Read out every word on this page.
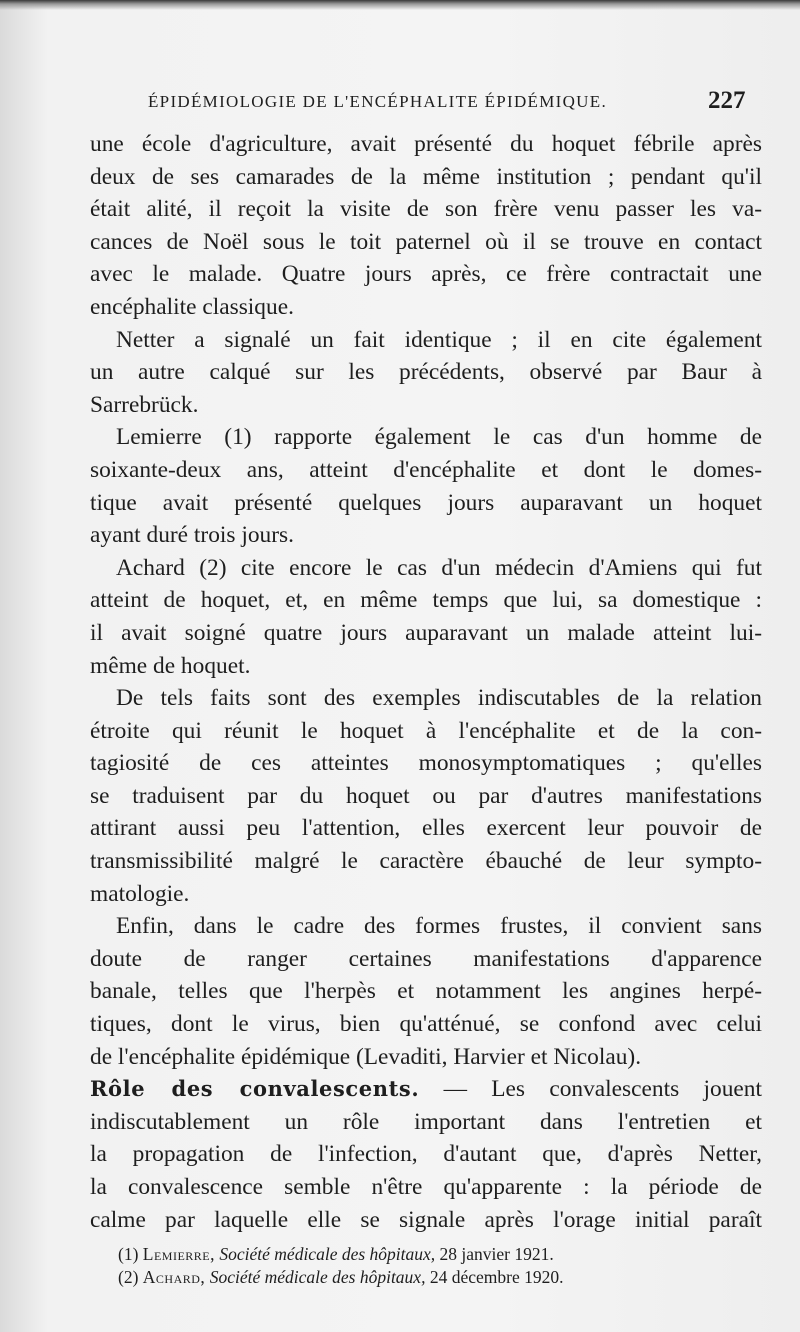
ÉPIDÉMIOLOGIE DE L'ENCÉPHALITE ÉPIDÉMIQUE.	227
une école d'agriculture, avait présenté du hoquet fébrile après
deux de ses camarades de la même institution ; pendant qu'il
était alité, il reçoit la visite de son frère venu passer les va-
cances de Noël sous le toit paternel où il se trouve en contact
avec le malade. Quatre jours après, ce frère contractait une
encéphalite classique.
Netter a signalé un fait identique ; il en cite également
un autre calqué sur les précédents, observé par Baur à
Sarrebrück.
Lemierre (1) rapporte également le cas d'un homme de
soixante-deux ans, atteint d'encéphalite et dont le domes-
tique avait présenté quelques jours auparavant un hoquet
ayant duré trois jours.
Achard (2) cite encore le cas d'un médecin d'Amiens qui fut
atteint de hoquet, et, en même temps que lui, sa domestique :
il avait soigné quatre jours auparavant un malade atteint lui-
même de hoquet.
De tels faits sont des exemples indiscutables de la relation
étroite qui réunit le hoquet à l'encéphalite et de la con-
tagiosité de ces atteintes monosymptomatiques ; qu'elles
se traduisent par du hoquet ou par d'autres manifestations
attirant aussi peu l'attention, elles exercent leur pouvoir de
transmissibilité malgré le caractère ébauché de leur sympto-
matologie.
Enfin, dans le cadre des formes frustes, il convient sans
doute de ranger certaines manifestations d'apparence
banale, telles que l'herpès et notamment les angines herpé-
tiques, dont le virus, bien qu'atténué, se confond avec celui
de l'encéphalite épidémique (Levaditi, Harvier et Nicolau).
Rôle des convalescents. — Les convalescents jouent
indiscutablement un rôle important dans l'entretien et
la propagation de l'infection, d'autant que, d'après Netter,
la convalescence semble n'être qu'apparente : la période de
calme par laquelle elle se signale après l'orage initial paraît
(1) Lemierre, Société médicale des hôpitaux, 28 janvier 1921.
(2) Achard, Société médicale des hôpitaux, 24 décembre 1920.
